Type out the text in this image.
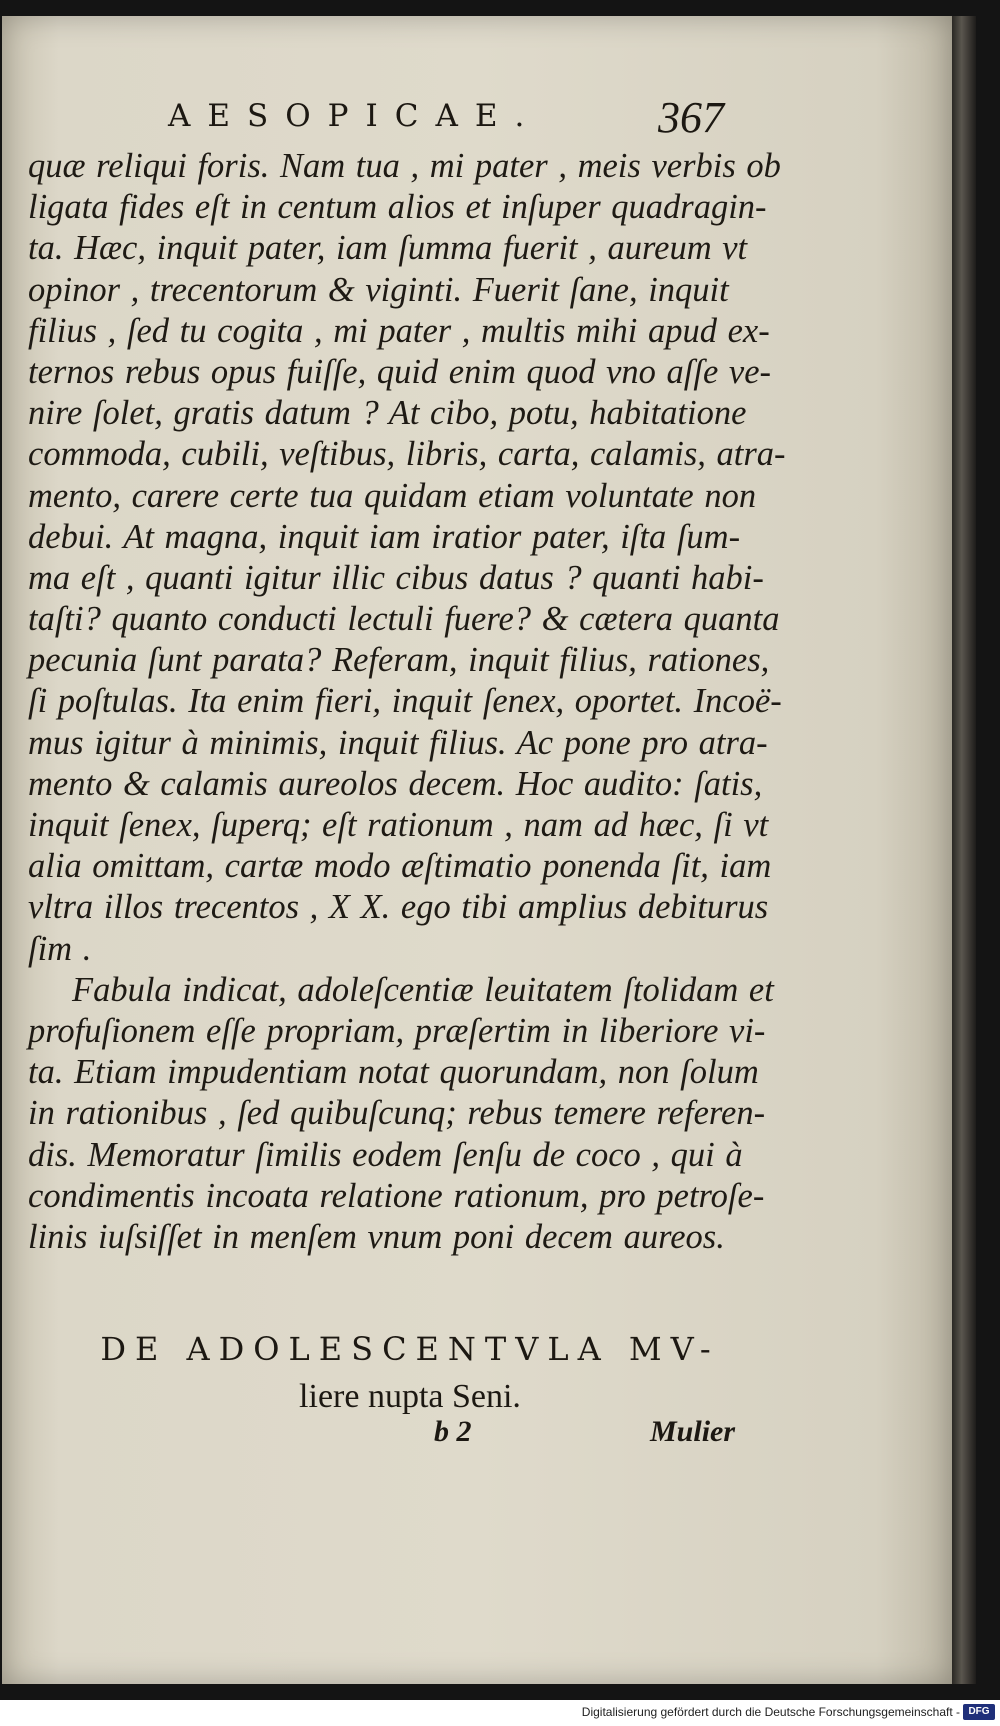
AESOPICAE.	367
quæ reliqui foris. Nam tua , mi pater , meis verbis ob
ligata fides eſt in centum alios et inſuper quadragin-
ta. Hæc, inquit pater, iam ſumma fuerit , aureum vt
opinor , trecentorum & viginti. Fuerit ſane, inquit
filius , ſed tu cogita , mi pater , multis mihi apud ex-
ternos rebus opus fuiſſe, quid enim quod vno aſſe ve-
nire ſolet, gratis datum ? At cibo, potu, habitatione
commoda, cubili, veſtibus, libris, carta, calamis, atra-
mento, carere certe tua quidam etiam voluntate non
debui. At magna, inquit iam iratior pater, iſta ſum-
ma eſt , quanti igitur illic cibus datus ? quanti habi-
taſti? quanto conducti lectuli fuere? & cætera quanta
pecunia ſunt parata? Referam, inquit filius, rationes,
ſi poſtulas. Ita enim fieri, inquit ſenex, oportet. Incoë-
mus igitur à minimis, inquit filius. Ac pone pro atra-
mento & calamis aureolos decem. Hoc audito: ſatis,
inquit ſenex, ſuperq; eſt rationum , nam ad hæc, ſi vt
alia omittam, cartæ modo æſtimatio ponenda ſit, iam
vltra illos trecentos , X X. ego tibi amplius debiturus
ſim .
Fabula indicat, adoleſcentiæ leuitatem ſtolidam et
profuſionem eſſe propriam, præſertim in liberiore vi-
ta. Etiam impudentiam notat quorundam, non ſolum
in rationibus , ſed quibuſcunq; rebus temere referen-
dis. Memoratur ſimilis eodem ſenſu de coco , qui à
condimentis incoata relatione rationum, pro petroſe-
linis iuſsiſſet in menſem vnum poni decem aureos.
DE ADOLESCENTVLA MV-
liere nupta Seni.
b 2	Mulier
Digitalisierung gefördert durch die Deutsche Forschungsgemeinschaft - DFG
